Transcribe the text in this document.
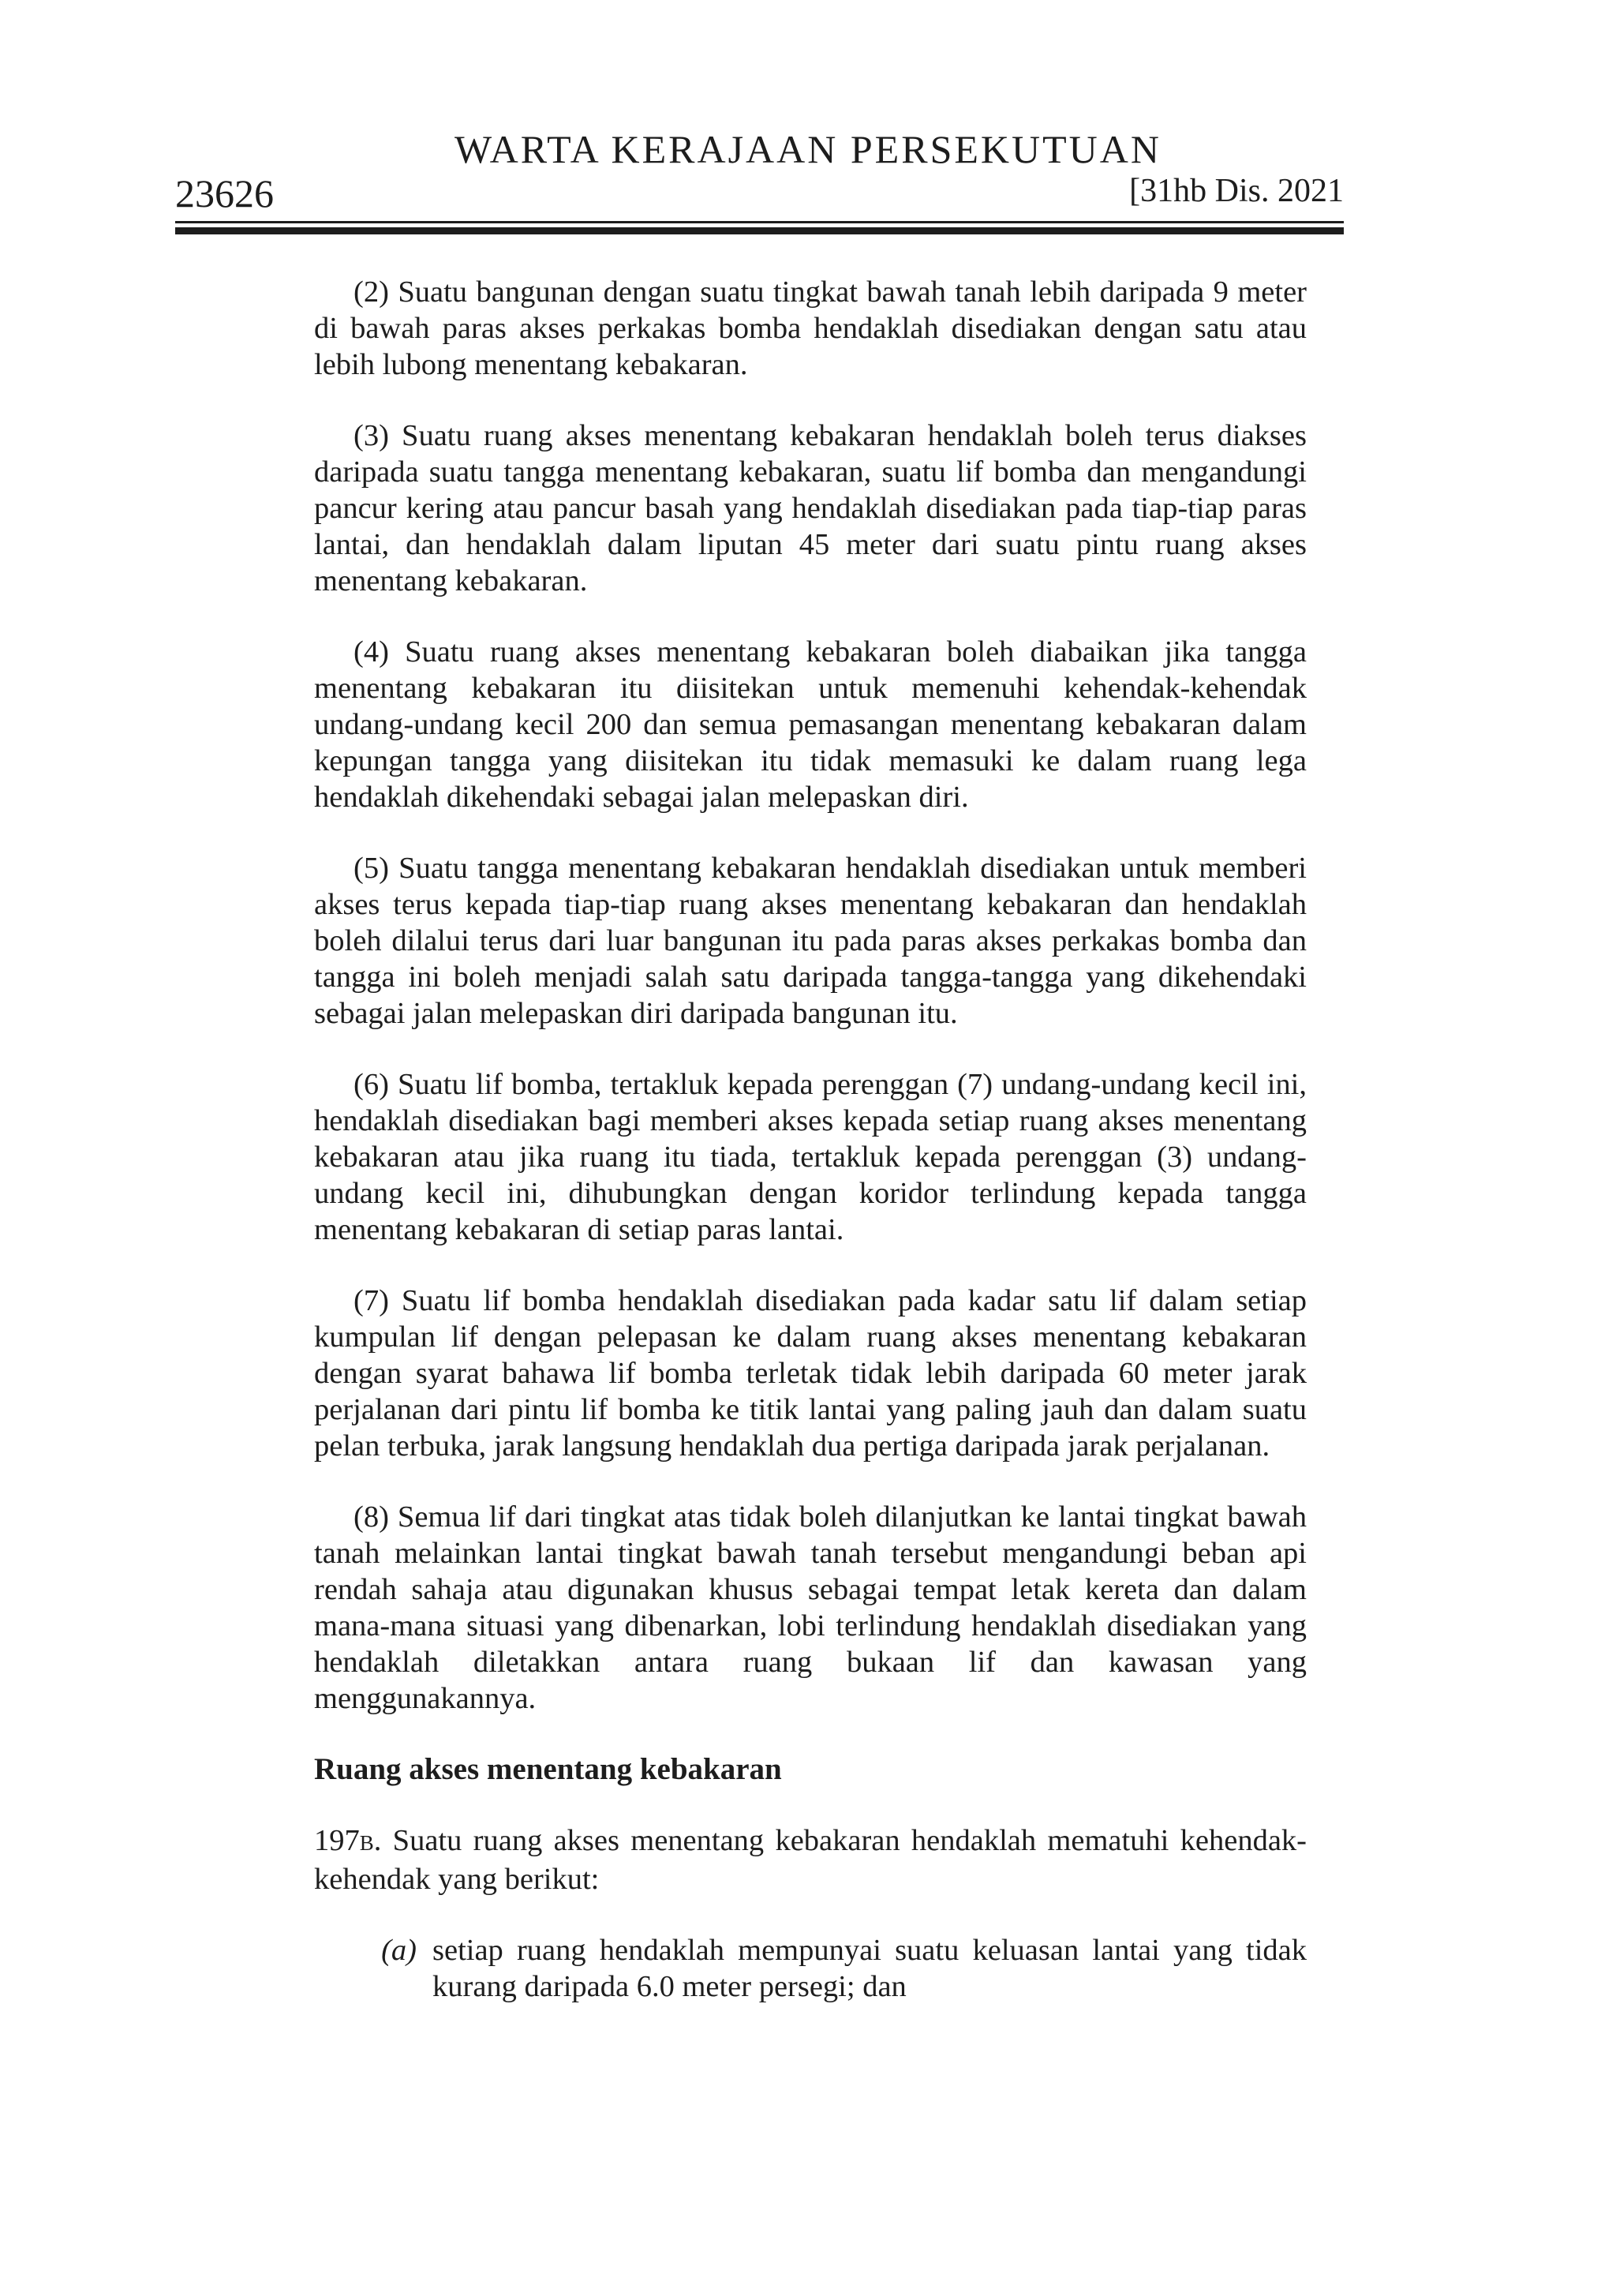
WARTA KERAJAAN PERSEKUTUAN
23626	[31hb Dis. 2021

(2) Suatu bangunan dengan suatu tingkat bawah tanah lebih daripada 9 meter di bawah paras akses perkakas bomba hendaklah disediakan dengan satu atau lebih lubong menentang kebakaran.

(3) Suatu ruang akses menentang kebakaran hendaklah boleh terus diakses daripada suatu tangga menentang kebakaran, suatu lif bomba dan mengandungi pancur kering atau pancur basah yang hendaklah disediakan pada tiap-tiap paras lantai, dan hendaklah dalam liputan 45 meter dari suatu pintu ruang akses menentang kebakaran.

(4) Suatu ruang akses menentang kebakaran boleh diabaikan jika tangga menentang kebakaran itu diisitekan untuk memenuhi kehendak-kehendak undang-undang kecil 200 dan semua pemasangan menentang kebakaran dalam kepungan tangga yang diisitekan itu tidak memasuki ke dalam ruang lega hendaklah dikehendaki sebagai jalan melepaskan diri.

(5) Suatu tangga menentang kebakaran hendaklah disediakan untuk memberi akses terus kepada tiap-tiap ruang akses menentang kebakaran dan hendaklah boleh dilalui terus dari luar bangunan itu pada paras akses perkakas bomba dan tangga ini boleh menjadi salah satu daripada tangga-tangga yang dikehendaki sebagai jalan melepaskan diri daripada bangunan itu.

(6) Suatu lif bomba, tertakluk kepada perenggan (7) undang-undang kecil ini, hendaklah disediakan bagi memberi akses kepada setiap ruang akses menentang kebakaran atau jika ruang itu tiada, tertakluk kepada perenggan (3) undang-undang kecil ini, dihubungkan dengan koridor terlindung kepada tangga menentang kebakaran di setiap paras lantai.

(7) Suatu lif bomba hendaklah disediakan pada kadar satu lif dalam setiap kumpulan lif dengan pelepasan ke dalam ruang akses menentang kebakaran dengan syarat bahawa lif bomba terletak tidak lebih daripada 60 meter jarak perjalanan dari pintu lif bomba ke titik lantai yang paling jauh dan dalam suatu pelan terbuka, jarak langsung hendaklah dua pertiga daripada jarak perjalanan.

(8) Semua lif dari tingkat atas tidak boleh dilanjutkan ke lantai tingkat bawah tanah melainkan lantai tingkat bawah tanah tersebut mengandungi beban api rendah sahaja atau digunakan khusus sebagai tempat letak kereta dan dalam mana-mana situasi yang dibenarkan, lobi terlindung hendaklah disediakan yang hendaklah diletakkan antara ruang bukaan lif dan kawasan yang menggunakannya.

Ruang akses menentang kebakaran

197B. Suatu ruang akses menentang kebakaran hendaklah mematuhi kehendak-kehendak yang berikut:

(a) setiap ruang hendaklah mempunyai suatu keluasan lantai yang tidak kurang daripada 6.0 meter persegi; dan
